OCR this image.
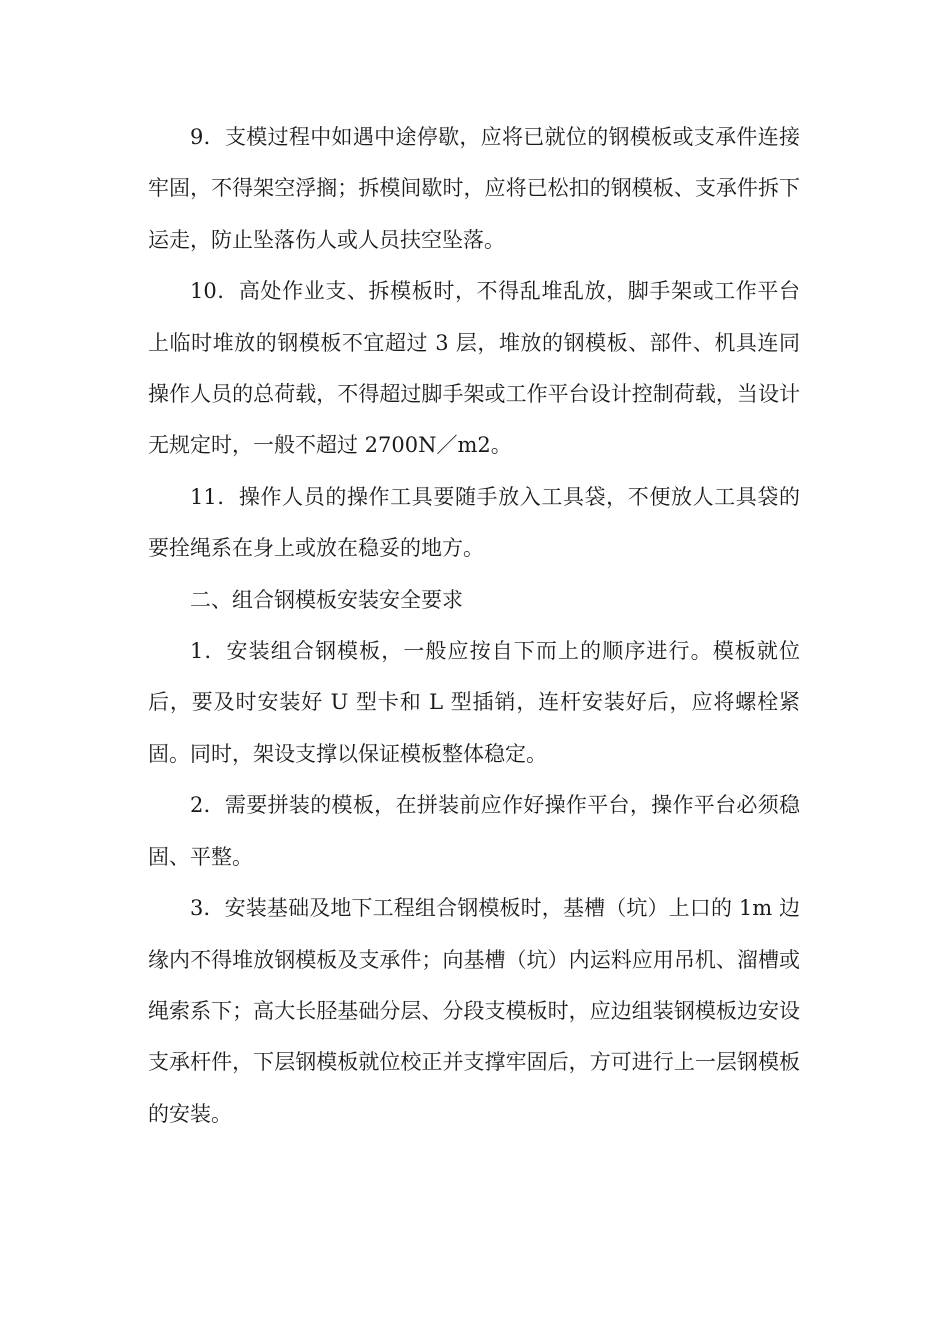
9．支模过程中如遇中途停歇，应将已就位的钢模板或支承件连接牢固，不得架空浮搁；拆模间歇时，应将已松扣的钢模板、支承件拆下运走，防止坠落伤人或人员扶空坠落。

10．高处作业支、拆模板时，不得乱堆乱放，脚手架或工作平台上临时堆放的钢模板不宜超过 3 层，堆放的钢模板、部件、机具连同操作人员的总荷载，不得超过脚手架或工作平台设计控制荷载，当设计无规定时，一般不超过 2700N／m2。

11．操作人员的操作工具要随手放入工具袋，不便放人工具袋的要拴绳系在身上或放在稳妥的地方。

二、组合钢模板安装安全要求

1．安装组合钢模板，一般应按自下而上的顺序进行。模板就位后，要及时安装好 U 型卡和 L 型插销，连杆安装好后，应将螺栓紧固。同时，架设支撑以保证模板整体稳定。

2．需要拼装的模板，在拼装前应作好操作平台，操作平台必须稳固、平整。

3．安装基础及地下工程组合钢模板时，基槽（坑）上口的 1m 边缘内不得堆放钢模板及支承件；向基槽（坑）内运料应用吊机、溜槽或绳索系下；高大长胫基础分层、分段支模板时，应边组装钢模板边安设支承杆件，下层钢模板就位校正并支撑牢固后，方可进行上一层钢模板的安装。
